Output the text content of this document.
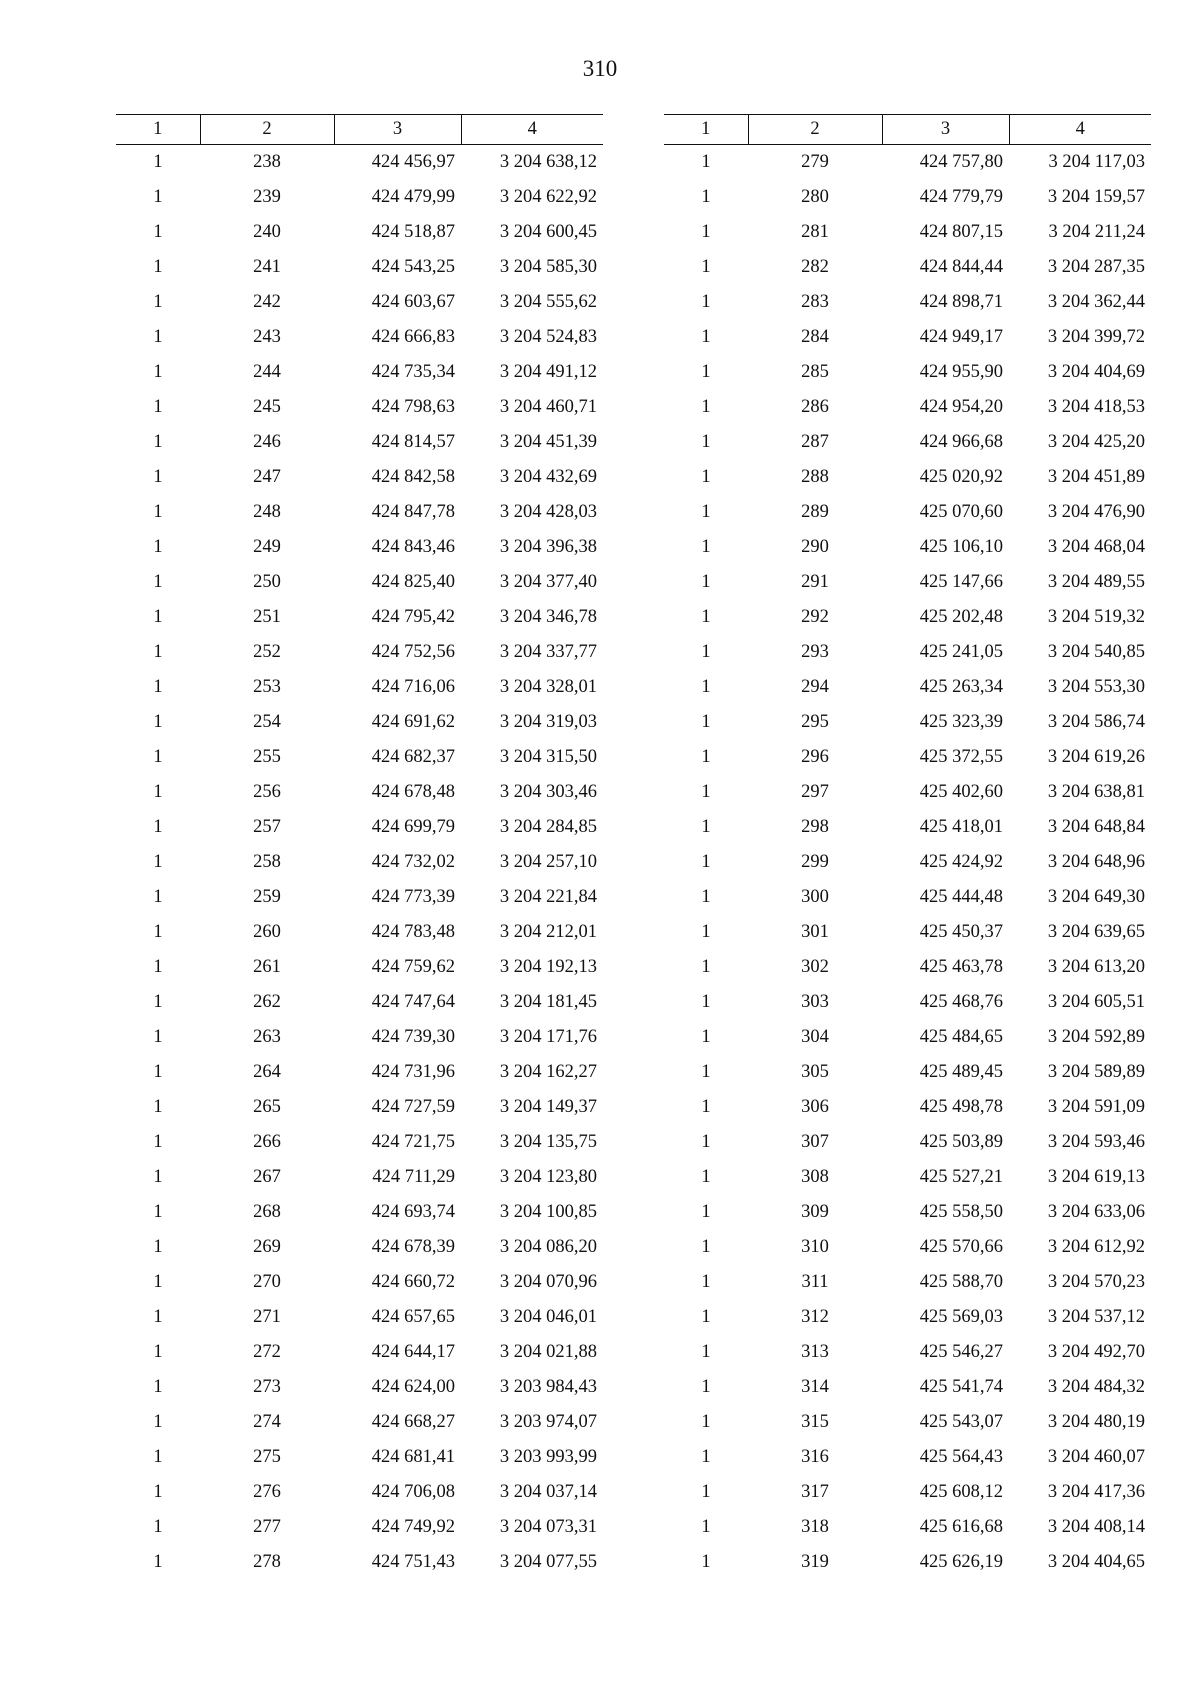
310
1	2	3	4
1	238	424 456,97	3 204 638,12
1	239	424 479,99	3 204 622,92
1	240	424 518,87	3 204 600,45
1	241	424 543,25	3 204 585,30
1	242	424 603,67	3 204 555,62
1	243	424 666,83	3 204 524,83
1	244	424 735,34	3 204 491,12
1	245	424 798,63	3 204 460,71
1	246	424 814,57	3 204 451,39
1	247	424 842,58	3 204 432,69
1	248	424 847,78	3 204 428,03
1	249	424 843,46	3 204 396,38
1	250	424 825,40	3 204 377,40
1	251	424 795,42	3 204 346,78
1	252	424 752,56	3 204 337,77
1	253	424 716,06	3 204 328,01
1	254	424 691,62	3 204 319,03
1	255	424 682,37	3 204 315,50
1	256	424 678,48	3 204 303,46
1	257	424 699,79	3 204 284,85
1	258	424 732,02	3 204 257,10
1	259	424 773,39	3 204 221,84
1	260	424 783,48	3 204 212,01
1	261	424 759,62	3 204 192,13
1	262	424 747,64	3 204 181,45
1	263	424 739,30	3 204 171,76
1	264	424 731,96	3 204 162,27
1	265	424 727,59	3 204 149,37
1	266	424 721,75	3 204 135,75
1	267	424 711,29	3 204 123,80
1	268	424 693,74	3 204 100,85
1	269	424 678,39	3 204 086,20
1	270	424 660,72	3 204 070,96
1	271	424 657,65	3 204 046,01
1	272	424 644,17	3 204 021,88
1	273	424 624,00	3 203 984,43
1	274	424 668,27	3 203 974,07
1	275	424 681,41	3 203 993,99
1	276	424 706,08	3 204 037,14
1	277	424 749,92	3 204 073,31
1	278	424 751,43	3 204 077,55
1	2	3	4
1	279	424 757,80	3 204 117,03
1	280	424 779,79	3 204 159,57
1	281	424 807,15	3 204 211,24
1	282	424 844,44	3 204 287,35
1	283	424 898,71	3 204 362,44
1	284	424 949,17	3 204 399,72
1	285	424 955,90	3 204 404,69
1	286	424 954,20	3 204 418,53
1	287	424 966,68	3 204 425,20
1	288	425 020,92	3 204 451,89
1	289	425 070,60	3 204 476,90
1	290	425 106,10	3 204 468,04
1	291	425 147,66	3 204 489,55
1	292	425 202,48	3 204 519,32
1	293	425 241,05	3 204 540,85
1	294	425 263,34	3 204 553,30
1	295	425 323,39	3 204 586,74
1	296	425 372,55	3 204 619,26
1	297	425 402,60	3 204 638,81
1	298	425 418,01	3 204 648,84
1	299	425 424,92	3 204 648,96
1	300	425 444,48	3 204 649,30
1	301	425 450,37	3 204 639,65
1	302	425 463,78	3 204 613,20
1	303	425 468,76	3 204 605,51
1	304	425 484,65	3 204 592,89
1	305	425 489,45	3 204 589,89
1	306	425 498,78	3 204 591,09
1	307	425 503,89	3 204 593,46
1	308	425 527,21	3 204 619,13
1	309	425 558,50	3 204 633,06
1	310	425 570,66	3 204 612,92
1	311	425 588,70	3 204 570,23
1	312	425 569,03	3 204 537,12
1	313	425 546,27	3 204 492,70
1	314	425 541,74	3 204 484,32
1	315	425 543,07	3 204 480,19
1	316	425 564,43	3 204 460,07
1	317	425 608,12	3 204 417,36
1	318	425 616,68	3 204 408,14
1	319	425 626,19	3 204 404,65
